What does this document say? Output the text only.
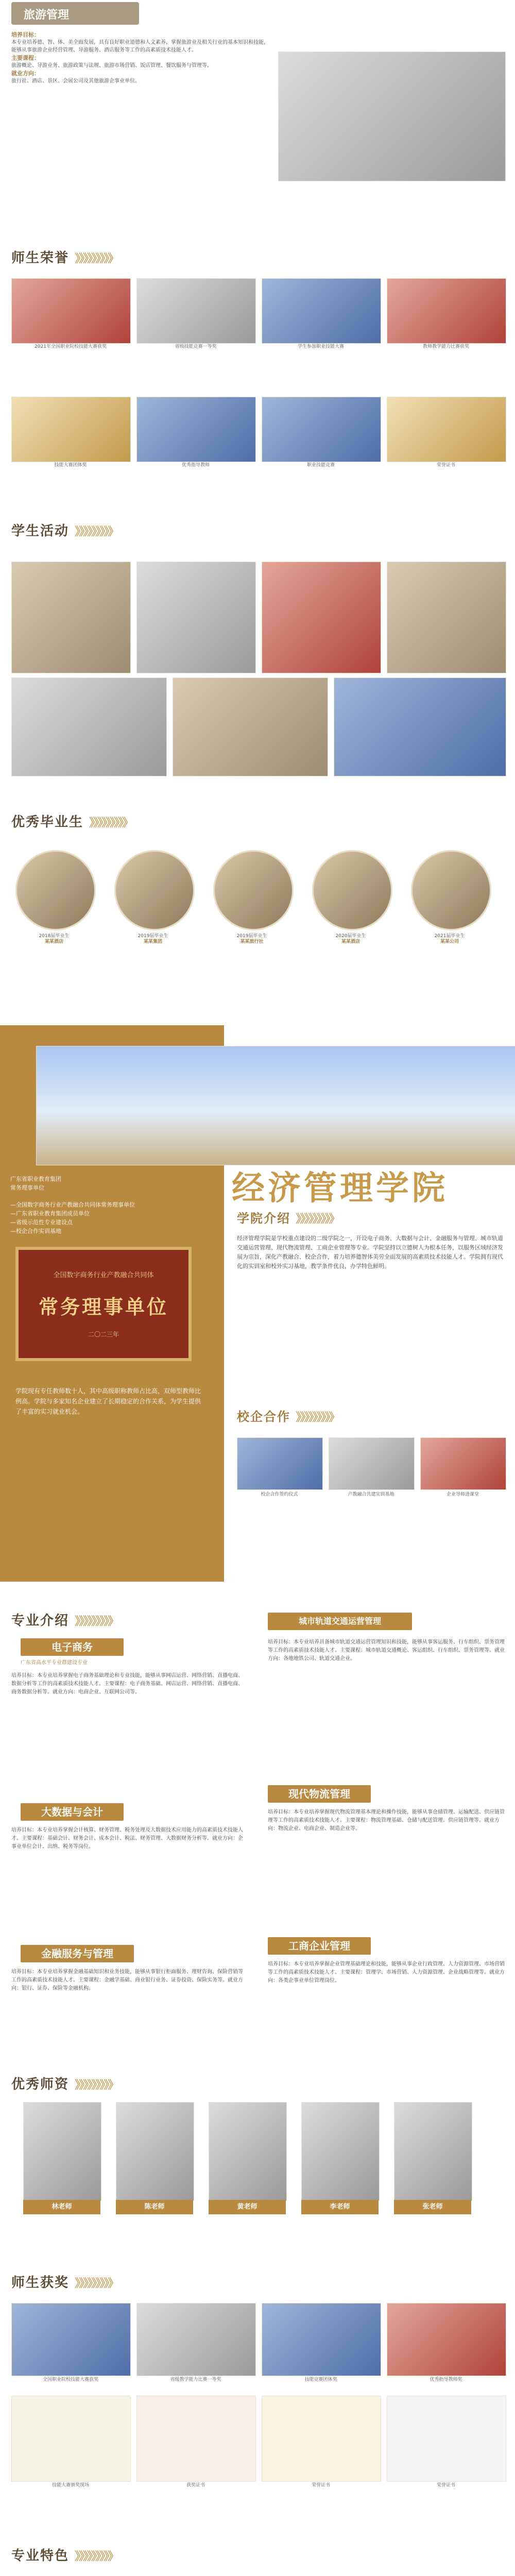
旅游管理
培养目标：
本专业培养德、智、体、美全面发展，具有良好职业道德和人文素养，掌握旅游业及相关行业的基本知识和技能，
能够从事旅游企业经营管理、导游服务、酒店服务等工作的高素质技术技能人才。
主要课程：
旅游概论、导游业务、旅游政策与法规、旅游市场营销、饭店管理、餐饮服务与管理等。
就业方向：
旅行社、酒店、景区、会展公司及其他旅游企事业单位。
师生荣誉 》》》》》》》》》
2021年全国职业院校技能大赛获奖	省级技能竞赛一等奖	学生参加职业技能大赛	教师教学能力比赛获奖
技能大赛团体奖	优秀指导教师	职业技能竞赛	荣誉证书
学生活动 》》》》》》》》》
优秀毕业生 》》》》》》》》》
2018届毕业生
某某酒店
2019届毕业生
某某集团
2019届毕业生
某某旅行社
2020届毕业生
某某酒店
2021届毕业生
某某公司
经济管理学院
广东省职业教育集团
常务理事单位
—全国数字商务行业产教融合共同体常务理事单位
—广东省职业教育集团成员单位
—省级示范性专业建设点
—校企合作实训基地
全国数字商务行业产教融合共同体
常务理事单位
二〇二三年
学院现有专任教师数十人，其中高级职称教师占比高，双师型教师比例高。学院与多家知名企业建立了长期稳定的合作关系，为学生提供了丰富的实习就业机会。
学院介绍 》》》》》》》》》
经济管理学院是学校重点建设的二级学院之一，开设电子商务、大数据与会计、金融服务与管理、城市轨道交通运营管理、现代物流管理、工商企业管理等专业。学院坚持以立德树人为根本任务，以服务区域经济发展为宗旨，深化产教融合、校企合作，着力培养德智体美劳全面发展的高素质技术技能人才。学院拥有现代化的实训室和校外实习基地，教学条件优良，办学特色鲜明。
校企合作 》》》》》》》》》
校企合作签约仪式	产教融合共建实训基地	企业导师进课堂
专业介绍 》》》》》》》》》
电子商务
广东省高水平专业群建设专业
培养目标：本专业培养掌握电子商务基础理论和专业技能，能够从事网店运营、网络营销、直播电商、数据分析等工作的高素质技术技能人才。主要课程：电子商务基础、网店运营、网络营销、直播电商、商务数据分析等。就业方向：电商企业、互联网公司等。
大数据与会计
培养目标：本专业培养掌握会计核算、财务管理、税务处理及大数据技术应用能力的高素质技术技能人才。主要课程：基础会计、财务会计、成本会计、税法、财务管理、大数据财务分析等。就业方向：企事业单位会计、出纳、税务等岗位。
金融服务与管理
培养目标：本专业培养掌握金融基础知识和业务技能，能够从事银行柜面服务、理财咨询、保险营销等工作的高素质技术技能人才。主要课程：金融学基础、商业银行业务、证券投资、保险实务等。就业方向：银行、证券、保险等金融机构。
城市轨道交通运营管理
培养目标：本专业培养具备城市轨道交通运营管理知识和技能，能够从事客运服务、行车组织、票务管理等工作的高素质技术技能人才。主要课程：城市轨道交通概论、客运组织、行车组织、票务管理等。就业方向：各地地铁公司、轨道交通企业。
现代物流管理
培养目标：本专业培养掌握现代物流管理基本理论和操作技能，能够从事仓储管理、运输配送、供应链管理等工作的高素质技术技能人才。主要课程：物流管理基础、仓储与配送管理、供应链管理等。就业方向：物流企业、电商企业、制造企业等。
工商企业管理
培养目标：本专业培养掌握企业管理基础理论和技能，能够从事企业行政管理、人力资源管理、市场营销等工作的高素质技术技能人才。主要课程：管理学、市场营销、人力资源管理、企业战略管理等。就业方向：各类企事业单位管理岗位。
优秀师资 》》》》》》》》》
林老师	陈老师	黄老师	李老师	张老师
师生获奖 》》》》》》》》》
全国职业院校技能大赛获奖	省级教学能力比赛一等奖	技能竞赛团体奖	优秀指导教师奖
技能大赛颁奖现场	获奖证书	荣誉证书	荣誉证书
专业特色 》》》》》》》》》
